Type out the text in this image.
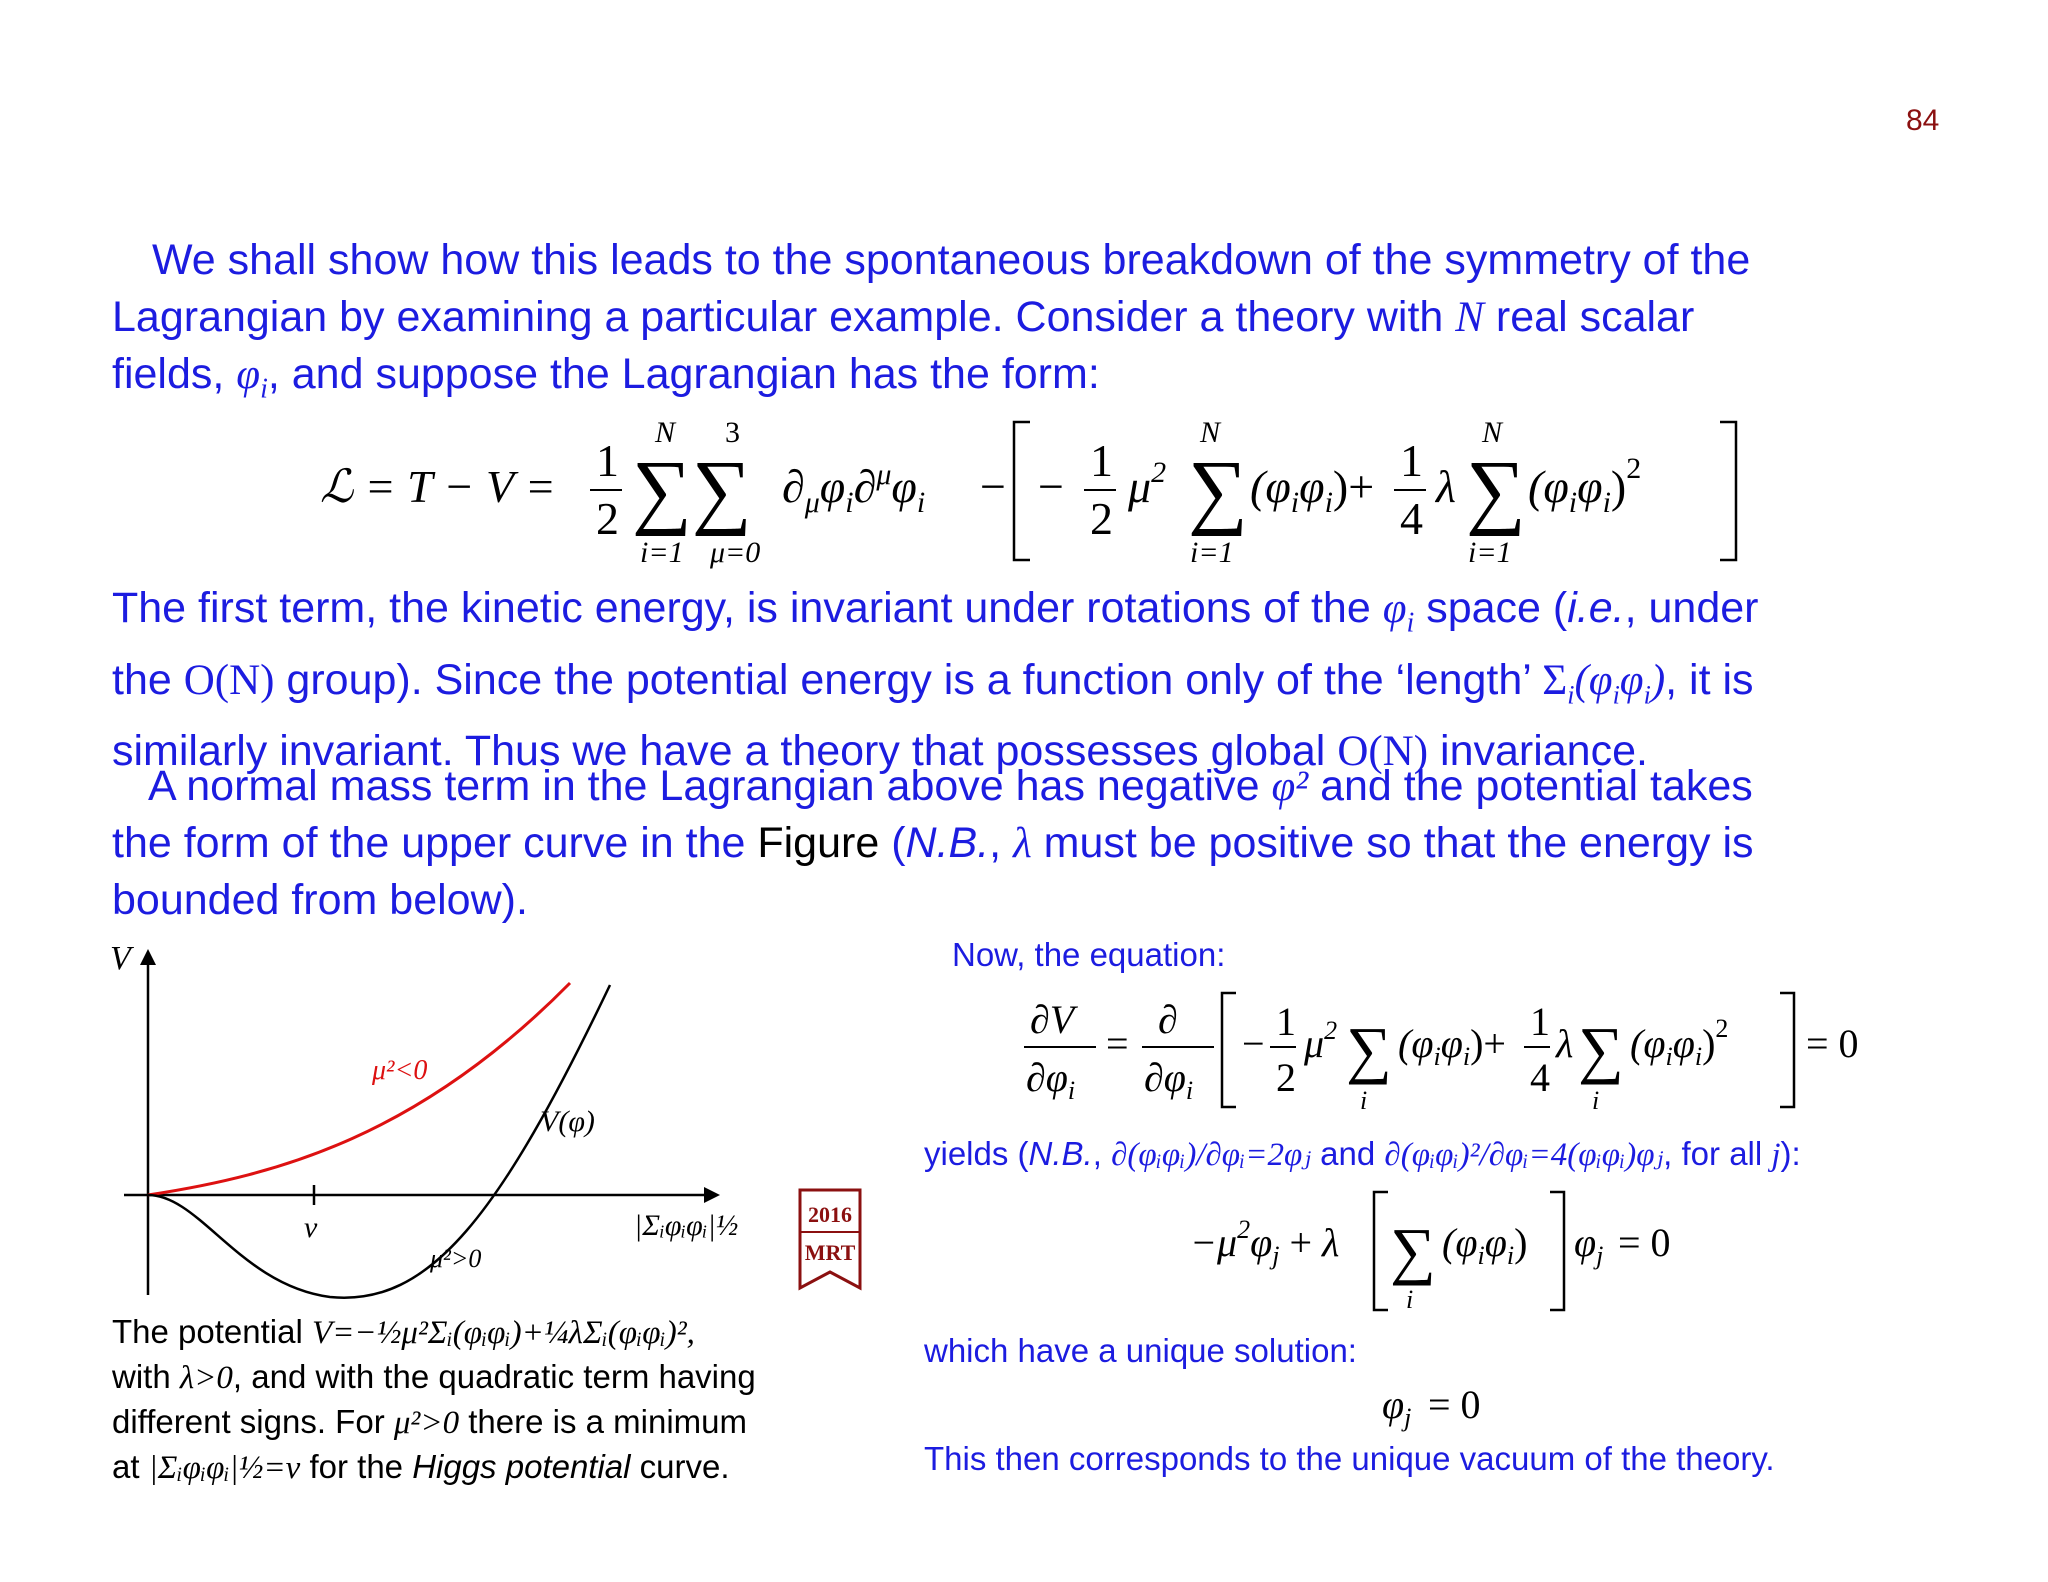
84
We shall show how this leads to the spontaneous breakdown of the symmetry of the
Lagrangian by examining a particular example. Consider a theory with N real scalar
fields, $\varphi_i$, and suppose the Lagrangian has the form:
ℒ = T − V =
1
2
N 3
∑∑
i=1 μ=0
$\partial_\mu\varphi_i\partial^\mu\varphi_i$ − −
1
2
$\mu^2$
N
∑
i=1
$(\varphi_i\varphi_i)+$
1
4
λ
N
∑
i=1
$(\varphi_i\varphi_i)^2$
The first term, the kinetic energy, is invariant under rotations of the $\varphi_i$ space (i.e., under
the O(N) group). Since the potential energy is a function only of the ‘length’ $\Sigma_i(\varphi_i\varphi_i)$, it is
similarly invariant. Thus we have a theory that possesses global O(N) invariance.
A normal mass term in the Lagrangian above has negative φ² and the potential takes
the form of the upper curve in the Figure (N.B., λ must be positive so that the energy is
bounded from below).
V
μ²<0
V(φ)
v
μ²>0
|Σᵢφᵢφᵢ|½	2016
MRT
The potential V=−½μ²Σᵢ(φᵢφᵢ)+¼λΣᵢ(φᵢφᵢ)²,
with λ>0, and with the quadratic term having
different signs. For μ²>0 there is a minimum
at |Σᵢφᵢφᵢ|½=v for the Higgs potential curve.
Now, the equation:
∂V
$\partial\varphi_i$
=
∂
$\partial\varphi_i$
− 1
2
$\mu^2$ ∑
i
$(\varphi_i\varphi_i)+ 1$
4
λ ∑
i
$(\varphi_i\varphi_i)^2 = 0$
yields (N.B., ∂(φᵢφᵢ)/∂φᵢ=2φⱼ and ∂(φᵢφᵢ)²/∂φᵢ=4(φᵢφᵢ)φⱼ, for all j):
$-\mu^2\varphi_j + \lambda$ ∑
i
$(\varphi_i\varphi_i) \varphi_j = 0$
which have a unique solution:
$\varphi_j = 0$
This then corresponds to the unique vacuum of the theory.
